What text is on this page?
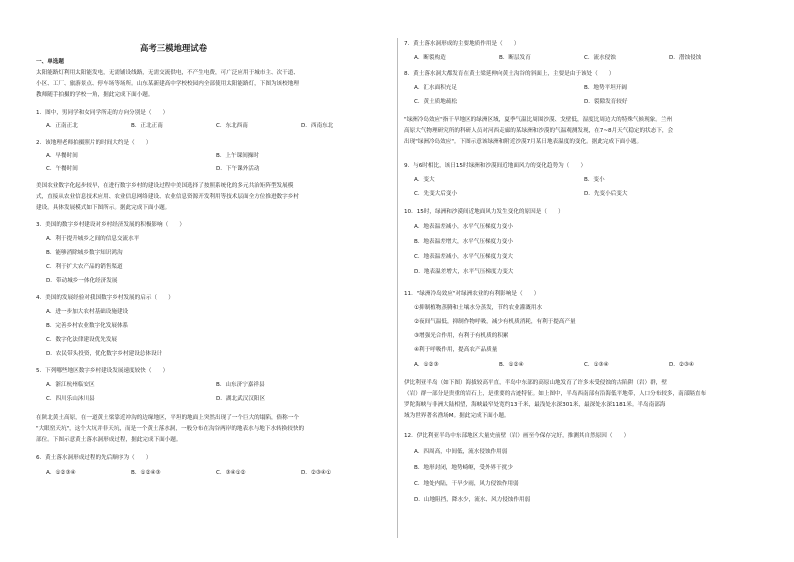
高考三模地理试卷
一、单选题
太阳能路灯利用太阳能发电，无需铺设线路，无需交流供电，不产生电费，可广泛应用于城市主、次干道、
小区、工厂、旅游景点、停车场等场所。山东某新建高中学校校园内全部使用太阳能路灯，下图为该校地理
教师随手拍摄的学校一角，据此完成下面小题。
1．图中，男同学和女同学所走的方向分别是（　　）
A．正南正北	B．正北正南	C．东北西南	D．西南东北
2．该地理老师拍摄照片的时间大约是（　　）
A．早餐时间	B．上午课间操时
C．午餐时间	D．下午课外活动
美国农业数字化起步较早，在进行数字乡村的建设过程中美国选择了按照系统化的多元共治矩阵型发展模
式，直接从农业信息技术应用、农业信息网络建设、农业信息资源开发利用等技术层面全方位推进数字乡村
建设。具体发展模式如下图所示。据此完成下面小题。
3．美国的数字乡村建设对乡村经济发展的积极影响（　　）
A．利于提升城乡之间的信息交流水平
B．能够消除城乡数字知识鸿沟
C．利于扩大农产品的销售渠道
D．带动城乡一体化经济发展
4．美国的发展经验对我国数字乡村发展的启示（　　）
A．进一步加大农村基础设施建设
B．完善乡村农业数字化发展体系
C．数字化法律建设优先发展
D．农民带头投资，优化数字乡村建设总体设计
5．下列哪些地区数字乡村建设发展速度较快（　　）
A．浙江杭州临安区	B．山东济宁嘉祥县
C．四川乐山沐川县	D．湖北武汉汉阳区
在陕北黄土高原，在一道黄土梁靠近冲沟的边缘地区，平坦的地面上突然出现了一个巨大的塌陷，俗称一个
"大眼窑天坑"，这个大坑并非天坑，而是一个黄土落水洞，一般分布在沟谷两岸的地表水与地下水转换较快的
部位。下图示意黄土落水洞形成过程，据此完成下面小题。
6．黄土落水洞形成过程的先后顺序为（　　）
A．①②③④	B．①②④③	C．③④①②	D．②③④①
7．黄土落水洞形成的主要地质作用是（　　）
A．断裂构造	B．断层发育	C．流水侵蚀	D．潜蚀侵蚀
8．黄土落水洞大都发育在黄土梁延伸向黄土沟谷的斜面上，主要是由于该处（　　）
A．汇水面积充足	B．地势平坦开阔
C．黄土质地疏松	D．裂隙发育较好
"绿洲冷岛效应"指干旱地区的绿洲区域，夏季气温比周围沙漠、戈壁低，湿度比周边大的特殊气候现象。兰州
高原大气物理研究所的科研人员对河西走廊的某绿洲和沙漠的气温观测发现，在7~8月天气稳定的状态下，会
出现"绿洲冷岛效应"。下图示意该绿洲和附近沙漠7月某日地表温度的变化。据此完成下面小题。
9．与6时相比，该日15时绿洲和沙漠间近地面风力的变化趋势为（　　）
A．变大	B．变小
C．先变大后变小	D．先变小后变大
10．15时，绿洲和沙漠间近地面风力发生变化的原因是（　　）
A．地表温差减小，水平气压梯度力变小
B．地表温差增大，水平气压梯度力变小
C．地表温差减小，水平气压梯度力变大
D．地表温差增大，水平气压梯度力变大
11．"绿洲冷岛效应"对绿洲农业的有利影响是（　　）
①抑制植物蒸腾和土壤水分蒸发，节约农业灌溉用水
②夜间气温低，抑制作物呼吸，减少有机质消耗，有利于提高产量
③增强光合作用，有利于有机质的积累
④利于呼吸作用，提高农产品质量
A．①②③	B．①②④	C．①③④	D．②③④
伊比利亚半岛（如下图）海拔较高平直，半岛中东部的高原山地发育了许多未受侵蚀的古陷阱（岩）群，壁
（岩）群一部分是贵重的岩石上，是重要的古迹特征。如上图中，半岛西南部有沿海低平地带，人口分布较多，南部隔直布
罗陀海峡与非洲大陆相望，海峡最窄处宽约13千米，最浅处水深301米，最深处水深1181米。半岛南部海
域为世界著名渔场M。据此完成下面小题。
12．伊比利亚半岛中东部地区大量史前壁（岩）画至今保存完好，推测其自然原因（　　）
A．四周高，中间低，流水侵蚀作用弱
B．地形封闭，地势崎岖，受外界干扰少
C．地处内陆，干旱少雨，风力侵蚀作用弱
D．山地阻挡，降水少，流水、风力侵蚀作用弱
